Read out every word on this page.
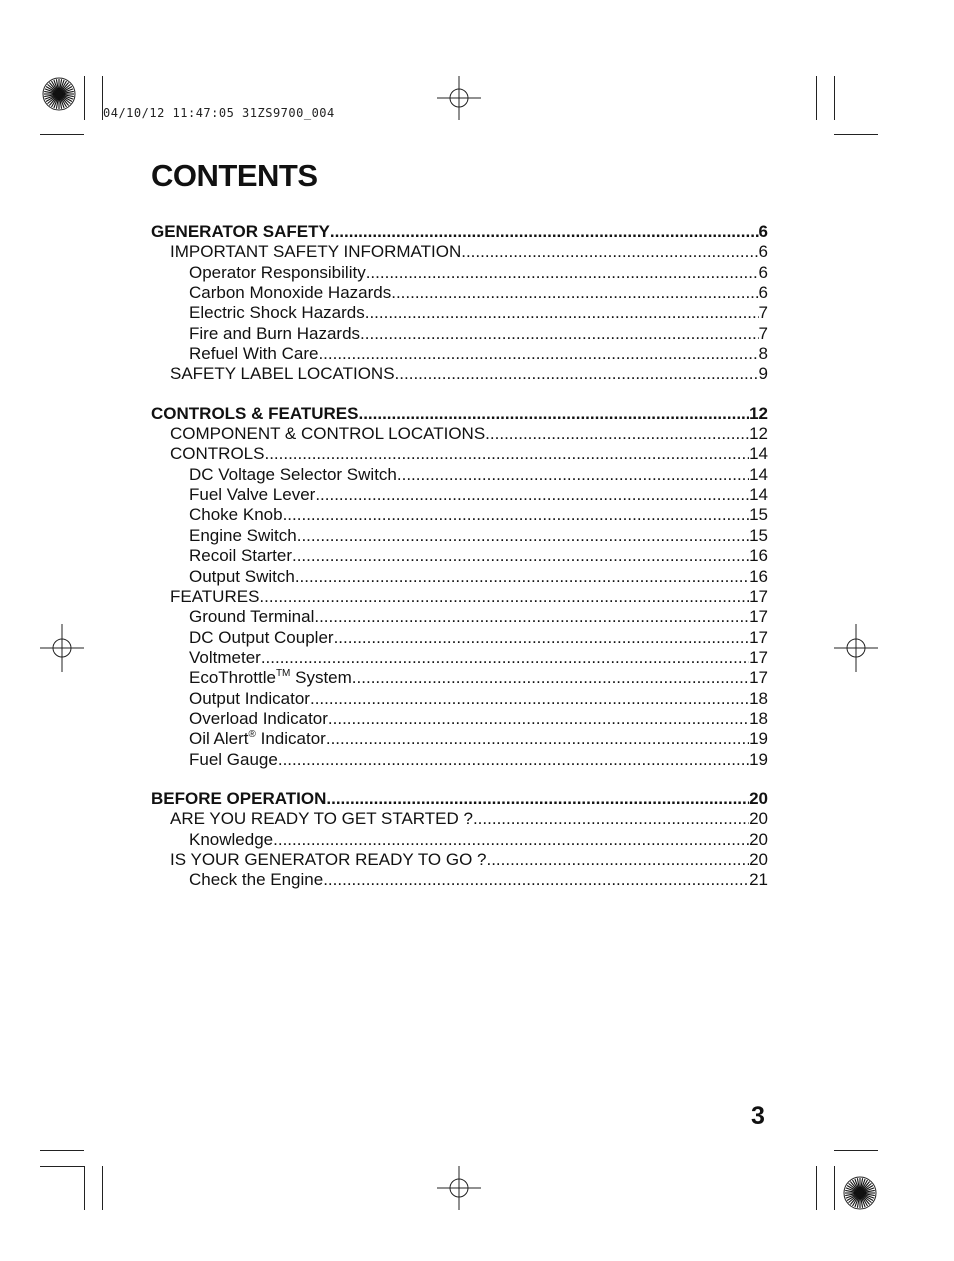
04/10/12 11:47:05 31ZS9700_004
CONTENTS
GENERATOR SAFETY .....	6
IMPORTANT SAFETY INFORMATION .....	6
Operator Responsibility .....	6
Carbon Monoxide Hazards .....	6
Electric Shock Hazards .....	7
Fire and Burn Hazards .....	7
Refuel With Care .....	8
SAFETY LABEL LOCATIONS .....	9
CONTROLS & FEATURES .....	12
COMPONENT & CONTROL LOCATIONS .....	12
CONTROLS .....	14
DC Voltage Selector Switch .....	14
Fuel Valve Lever .....	14
Choke Knob .....	15
Engine Switch .....	15
Recoil Starter .....	16
Output Switch .....	16
FEATURES .....	17
Ground Terminal .....	17
DC Output Coupler .....	17
Voltmeter .....	17
EcoThrottle™ System .....	17
Output Indicator .....	18
Overload Indicator .....	18
Oil Alert® Indicator .....	19
Fuel Gauge .....	19
BEFORE OPERATION .....	20
ARE YOU READY TO GET STARTED ? .....	20
Knowledge .....	20
IS YOUR GENERATOR READY TO GO ? .....	20
Check the Engine .....	21
3
